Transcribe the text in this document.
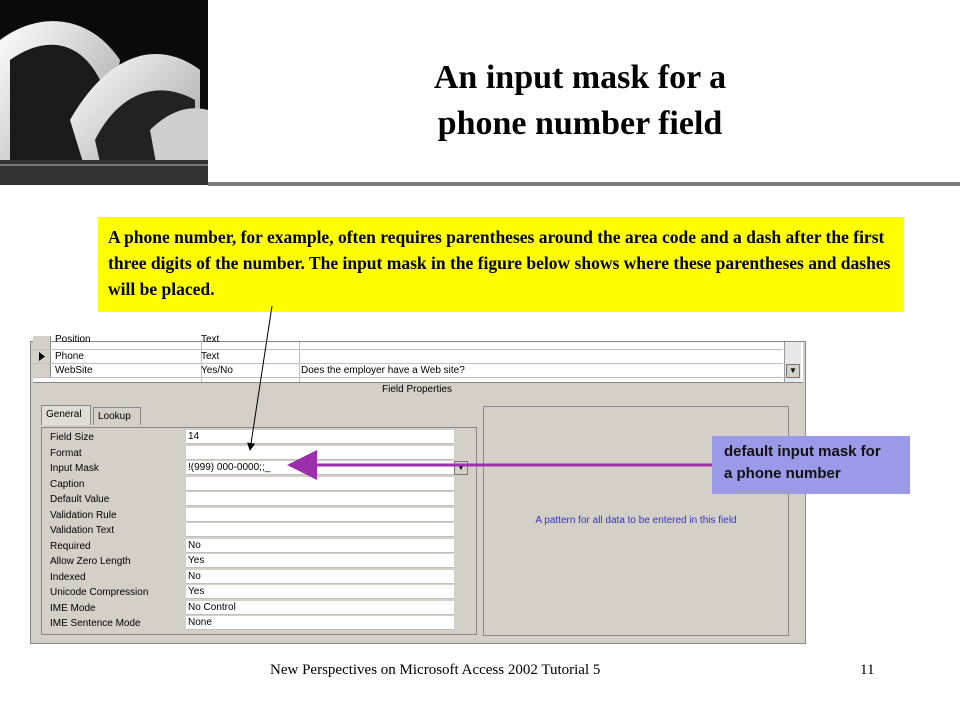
An input mask for a
phone number field
A phone number, for example, often requires parentheses around the area code and a dash after the first three digits of the number. The input mask in the figure below shows where these parentheses and dashes will be placed.
Position	Text
Phone	Text
WebSite	Yes/No	Does the employer have a Web site?	▼
Field Properties
General	Lookup
Field Size	14
Format
Input Mask	!(999) 000-0000;;_
Caption
Default Value
Validation Rule
Validation Text
Required	No
Allow Zero Length	Yes
Indexed	No
Unicode Compression	Yes
IME Mode	No Control
IME Sentence Mode	None
▼
A pattern for all data to be entered in this field
default input mask for
a phone number
New Perspectives on Microsoft Access 2002 Tutorial 5	11
